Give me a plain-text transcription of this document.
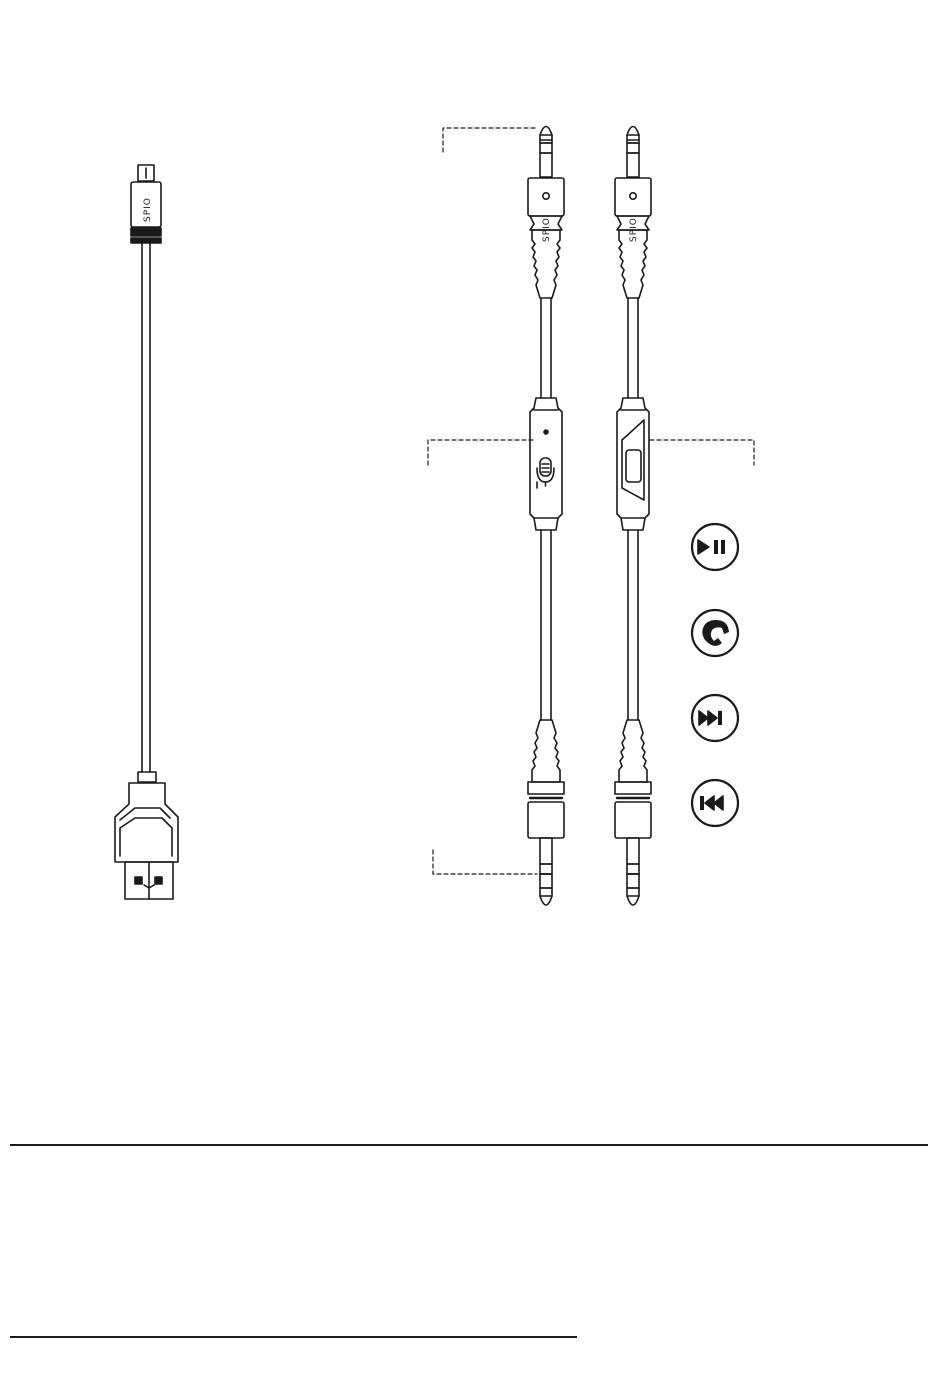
SPIO
SPIO	SPIO
